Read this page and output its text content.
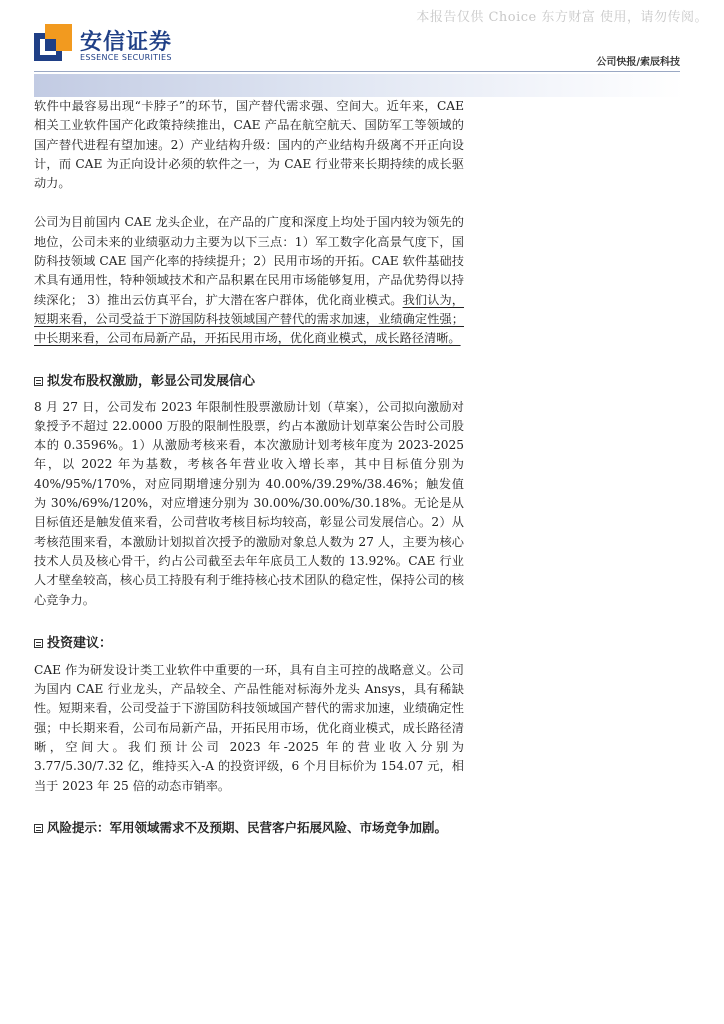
本报告仅供 Choice 东方财富 使用，请勿传阅。
安信证券
ESSENCE SECURITIES	公司快报/索辰科技

软件中最容易出现“卡脖子”的环节，国产替代需求强、空间大。近年来，CAE 相关工业软件国产化政策持续推出，CAE 产品在航空航天、国防军工等领域的国产替代进程有望加速。2）产业结构升级：国内的产业结构升级离不开正向设计，而 CAE 为正向设计必须的软件之一，为 CAE 行业带来长期持续的成长驱动力。

公司为目前国内 CAE 龙头企业，在产品的广度和深度上均处于国内较为领先的地位，公司未来的业绩驱动力主要为以下三点：1）军工数字化高景气度下，国防科技领域 CAE 国产化率的持续提升；2）民用市场的开拓。CAE 软件基础技术具有通用性，特种领域技术和产品积累在民用市场能够复用，产品优势得以持续深化； 3）推出云仿真平台，扩大潜在客户群体，优化商业模式。我们认为，短期来看，公司受益于下游国防科技领域国产替代的需求加速，业绩确定性强；中长期来看，公司布局新产品，开拓民用市场，优化商业模式，成长路径清晰。

拟发布股权激励，彰显公司发展信心

8 月 27 日，公司发布 2023 年限制性股票激励计划（草案），公司拟向激励对象授予不超过 22.0000 万股的限制性股票，约占本激励计划草案公告时公司股本的 0.3596%。1）从激励考核来看，本次激励计划考核年度为 2023-2025 年，以 2022 年为基数，考核各年营业收入增长率，其中目标值分别为 40%/95%/170%，对应同期增速分别为 40.00%/39.29%/38.46%；触发值为 30%/69%/120%，对应增速分别为 30.00%/30.00%/30.18%。无论是从目标值还是触发值来看，公司营收考核目标均较高，彰显公司发展信心。2）从考核范围来看，本激励计划拟首次授予的激励对象总人数为 27 人，主要为核心技术人员及核心骨干，约占公司截至去年年底员工人数的 13.92%。CAE 行业人才壁垒较高，核心员工持股有利于维持核心技术团队的稳定性，保持公司的核心竞争力。

投资建议：

CAE 作为研发设计类工业软件中重要的一环，具有自主可控的战略意义。公司为国内 CAE 行业龙头，产品较全、产品性能对标海外龙头 Ansys，具有稀缺性。短期来看，公司受益于下游国防科技领域国产替代的需求加速，业绩确定性强；中长期来看，公司布局新产品，开拓民用市场，优化商业模式，成长路径清晰，空间大。我们预计公司 2023 年-2025 年的营业收入分别为 3.77/5.30/7.32 亿，维持买入-A 的投资评级，6 个月目标价为 154.07 元，相当于 2023 年 25 倍的动态市销率。

风险提示：军用领域需求不及预期、民营客户拓展风险、市场竞争加剧。
